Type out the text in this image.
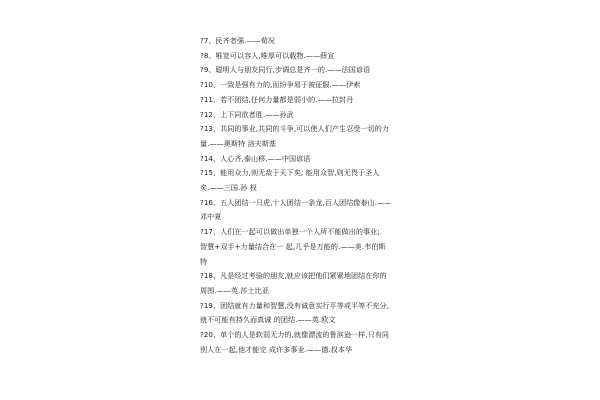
?7、民齐者强.——荀况
?8、唯宽可以容人,唯厚可以载物.——薛宣
?9、聪明人与朋友同行,步调总是齐一的.——法国谚语
?10、一致是强有力的,而纷争易于被征服.——伊索
?11、若不团结,任何力量都是弱小的.——拉封丹
?12、上下同欲者胜.——孙武
?13、共同的事业,共同的斗争,可以使人们产生忍受一切的力
量.——奥斯特 洛夫斯基
?14、人心齐,泰山移.——中国谚语
?15、能用众力,则无敌于天下矣; 能用众智,则无畏于圣人
矣.——三国.孙 权
?16、五人团结一只虎,十人团结一条龙,百人团结像泰山.——
邓中夏
?17、人们在一起可以做出单独一个人所不能做出的事业;
智慧+双手+力量结合在一 起,几乎是万能的.——美.韦伯斯
特
?18、凡是经过考验的朋友,就应该把他们紧紧地团结在你的
周围.——英.莎士比亚
?19、团结就有力量和智慧,没有诚意实行平等或平等不充分,
就不可能有持久而真诚 的团结.——英.欧文
?20、单个的人是软弱无力的,就像漂流的鲁滨逊一样,只有同
别人在一起,他才能完 成许多事业.——德.叔本华
